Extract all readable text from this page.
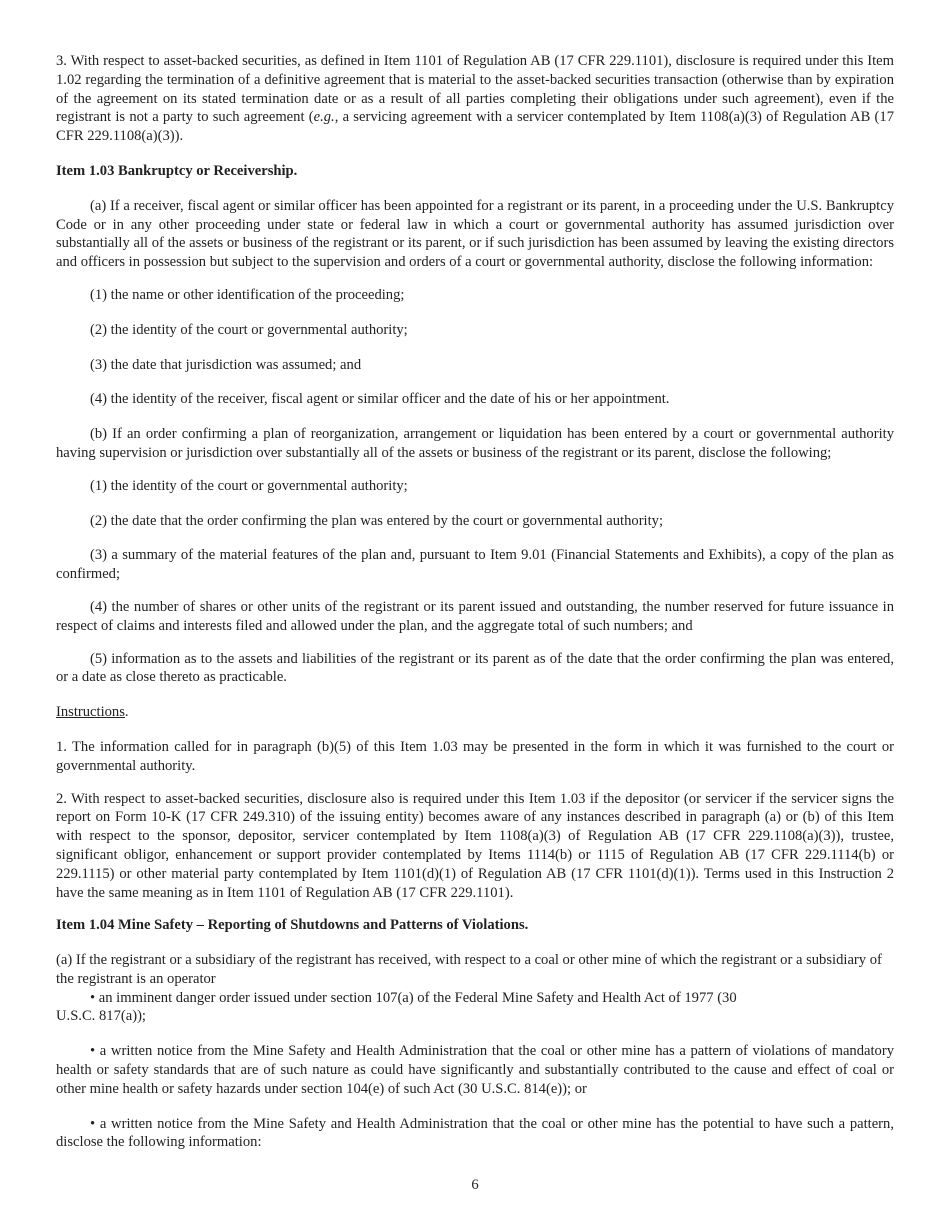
3. With respect to asset-backed securities, as defined in Item 1101 of Regulation AB (17 CFR 229.1101), disclosure is required under this Item 1.02 regarding the termination of a definitive agreement that is material to the asset-backed securities transaction (otherwise than by expiration of the agreement on its stated termination date or as a result of all parties completing their obligations under such agreement), even if the registrant is not a party to such agreement (e.g., a servicing agreement with a servicer contemplated by Item 1108(a)(3) of Regulation AB (17 CFR 229.1108(a)(3)).

Item 1.03 Bankruptcy or Receivership.

(a) If a receiver, fiscal agent or similar officer has been appointed for a registrant or its parent, in a proceeding under the U.S. Bankruptcy Code or in any other proceeding under state or federal law in which a court or governmental authority has assumed jurisdiction over substantially all of the assets or business of the registrant or its parent, or if such jurisdiction has been assumed by leaving the existing directors and officers in possession but subject to the supervision and orders of a court or governmental authority, disclose the following information:

(1) the name or other identification of the proceeding;

(2) the identity of the court or governmental authority;

(3) the date that jurisdiction was assumed; and

(4) the identity of the receiver, fiscal agent or similar officer and the date of his or her appointment.

(b) If an order confirming a plan of reorganization, arrangement or liquidation has been entered by a court or governmental authority having supervision or jurisdiction over substantially all of the assets or business of the registrant or its parent, disclose the following;

(1) the identity of the court or governmental authority;

(2) the date that the order confirming the plan was entered by the court or governmental authority;

(3) a summary of the material features of the plan and, pursuant to Item 9.01 (Financial Statements and Exhibits), a copy of the plan as confirmed;

(4) the number of shares or other units of the registrant or its parent issued and outstanding, the number reserved for future issuance in respect of claims and interests filed and allowed under the plan, and the aggregate total of such numbers; and

(5) information as to the assets and liabilities of the registrant or its parent as of the date that the order confirming the plan was entered, or a date as close thereto as practicable.

Instructions.

1. The information called for in paragraph (b)(5) of this Item 1.03 may be presented in the form in which it was furnished to the court or governmental authority.

2. With respect to asset-backed securities, disclosure also is required under this Item 1.03 if the depositor (or servicer if the servicer signs the report on Form 10-K (17 CFR 249.310) of the issuing entity) becomes aware of any instances described in paragraph (a) or (b) of this Item with respect to the sponsor, depositor, servicer contemplated by Item 1108(a)(3) of Regulation AB (17 CFR 229.1108(a)(3)), trustee, significant obligor, enhancement or support provider contemplated by Items 1114(b) or 1115 of Regulation AB (17 CFR 229.1114(b) or 229.1115) or other material party contemplated by Item 1101(d)(1) of Regulation AB (17 CFR 1101(d)(1)). Terms used in this Instruction 2 have the same meaning as in Item 1101 of Regulation AB (17 CFR 229.1101).

Item 1.04 Mine Safety – Reporting of Shutdowns and Patterns of Violations.

(a) If the registrant or a subsidiary of the registrant has received, with respect to a coal or other mine of which the registrant or a subsidiary of the registrant is an operator

• an imminent danger order issued under section 107(a) of the Federal Mine Safety and Health Act of 1977 (30

U.S.C. 817(a));

• a written notice from the Mine Safety and Health Administration that the coal or other mine has a pattern of violations of mandatory health or safety standards that are of such nature as could have significantly and substantially contributed to the cause and effect of coal or other mine health or safety hazards under section 104(e) of such Act (30 U.S.C. 814(e)); or

• a written notice from the Mine Safety and Health Administration that the coal or other mine has the potential to have such a pattern, disclose the following information:

6
